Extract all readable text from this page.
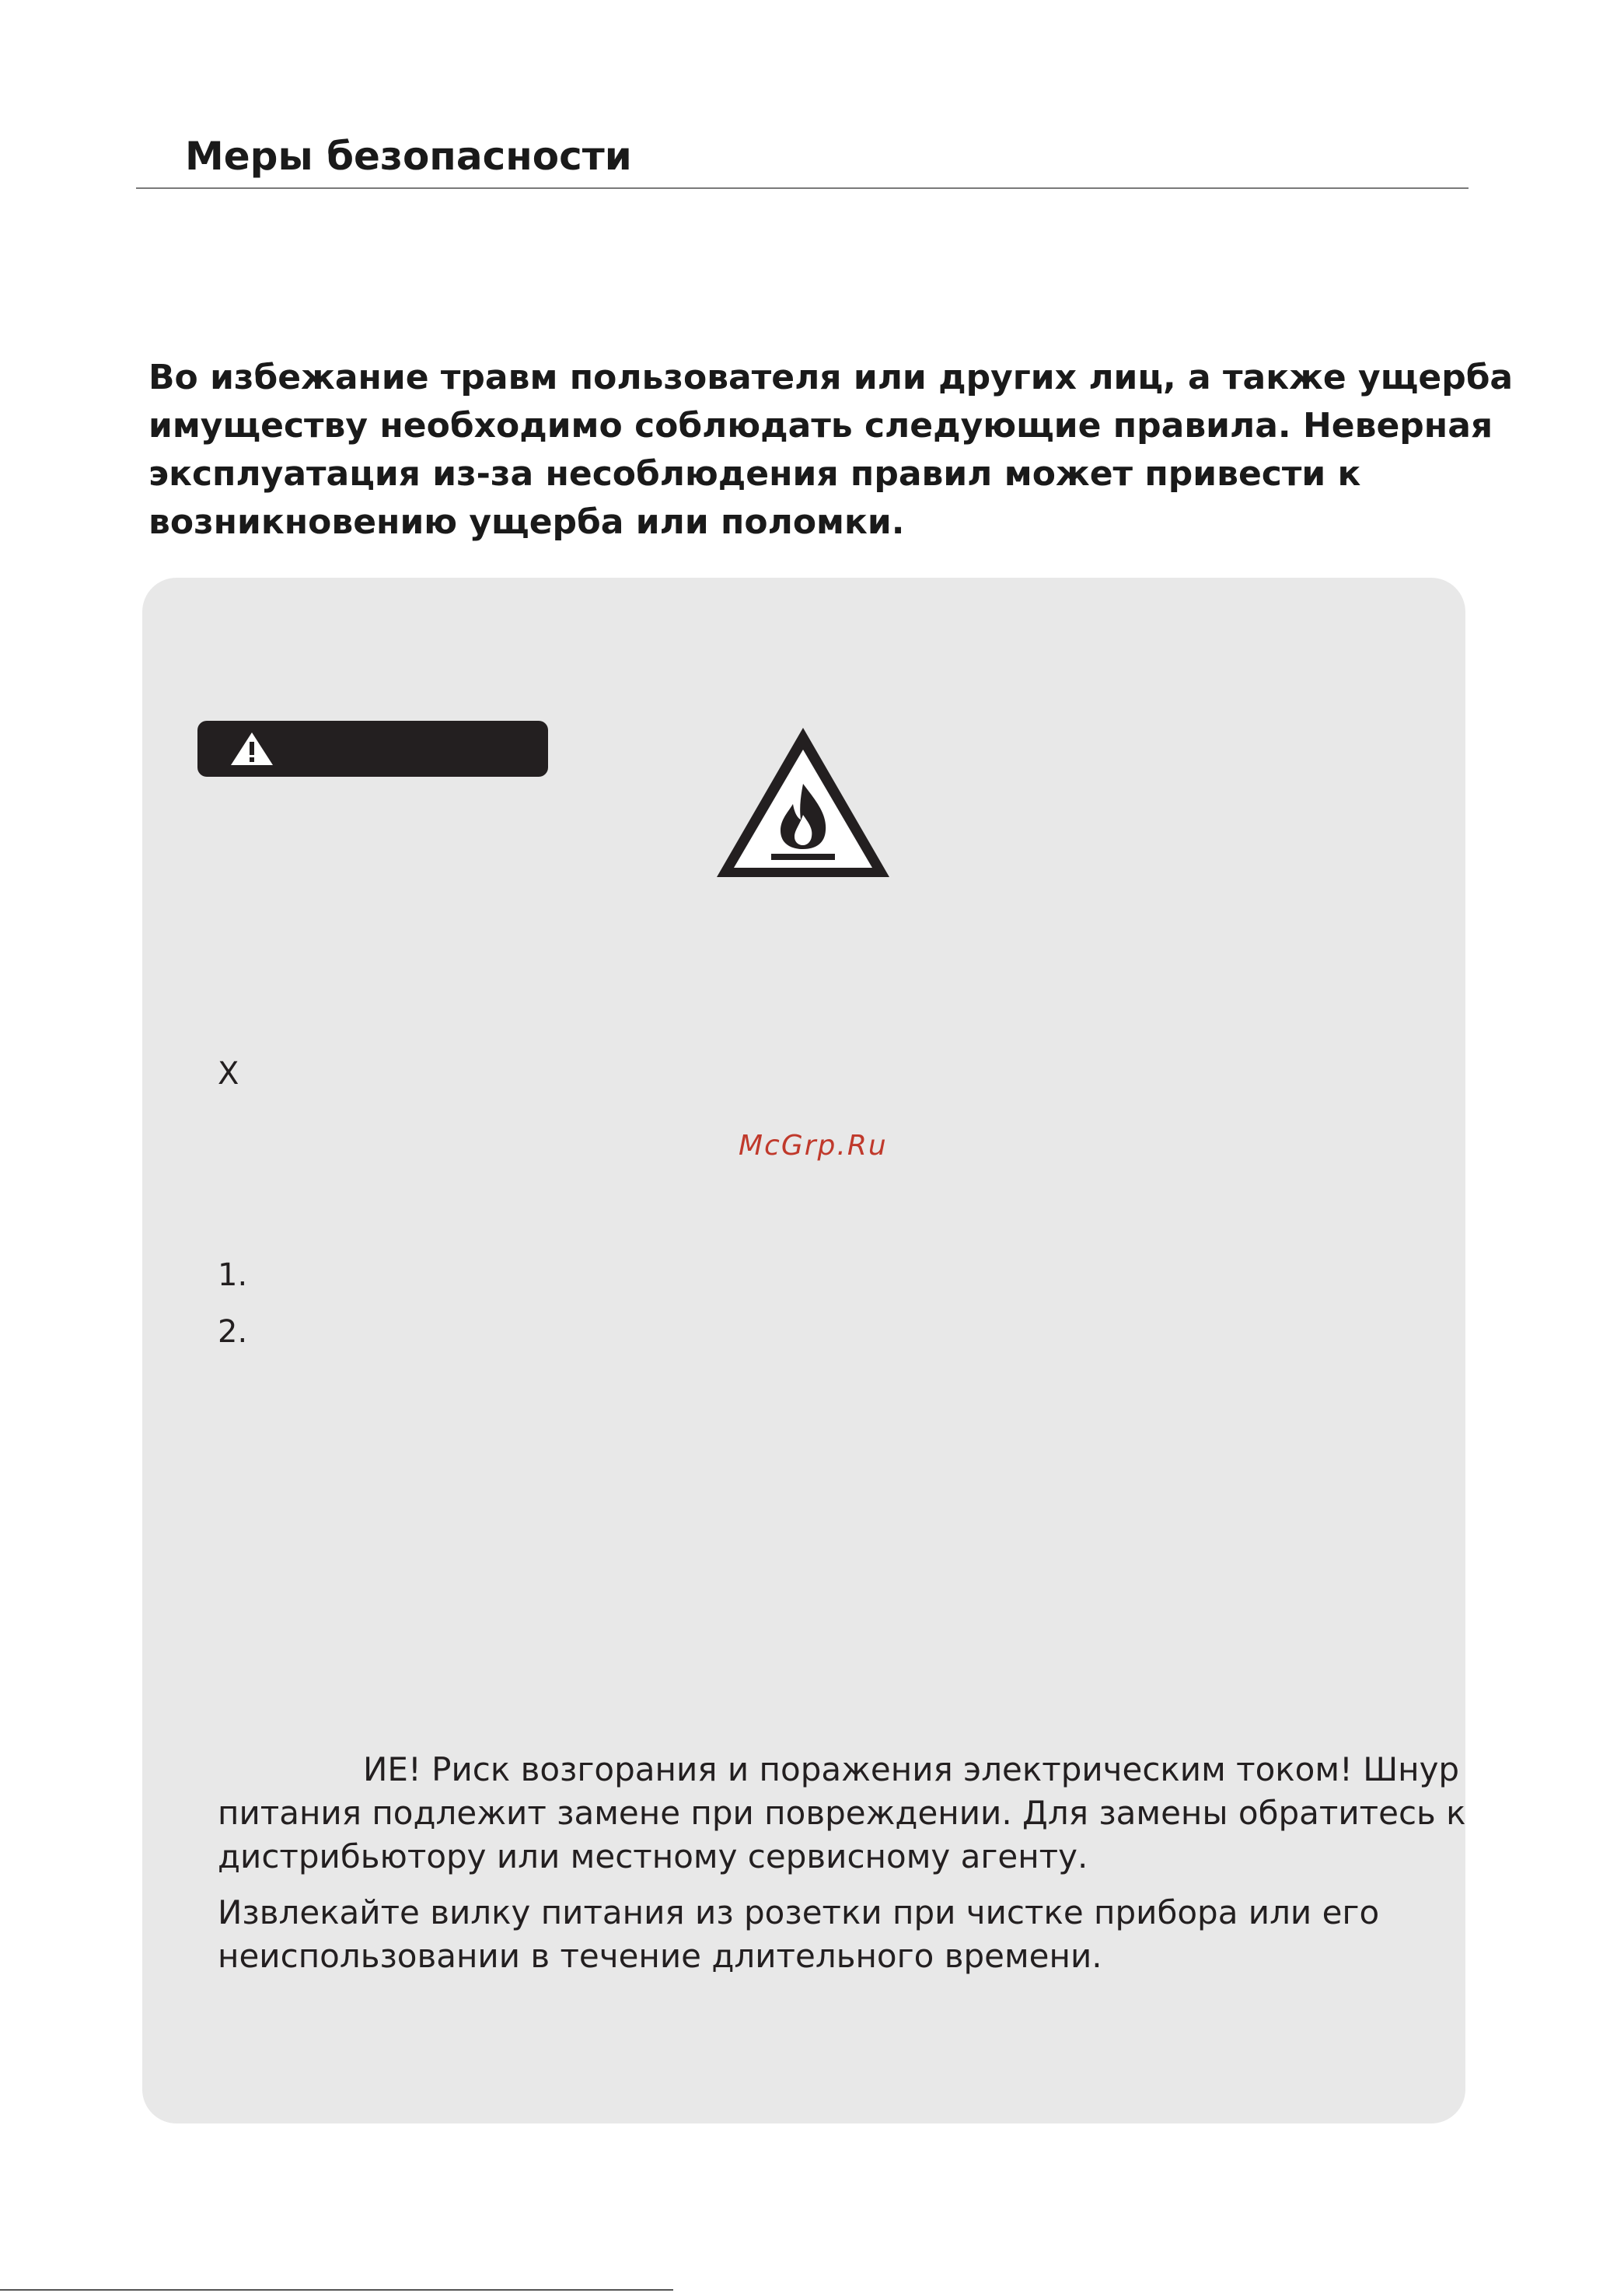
Меры безопасности
Во избежание травм пользователя или других лиц, а также ущерба
имуществу необходимо соблюдать следующие правила. Неверная
эксплуатация из-за несоблюдения правил может привести к
возникновению ущерба или поломки.
X
McGrp.Ru
1.
2.
ИЕ! Риск возгорания и поражения электрическим током! Шнур
питания подлежит замене при повреждении. Для замены обратитесь к
дистрибьютору или местному сервисному агенту.
Извлекайте вилку питания из розетки при чистке прибора или его
неиспользовании в течение длительного времени.
